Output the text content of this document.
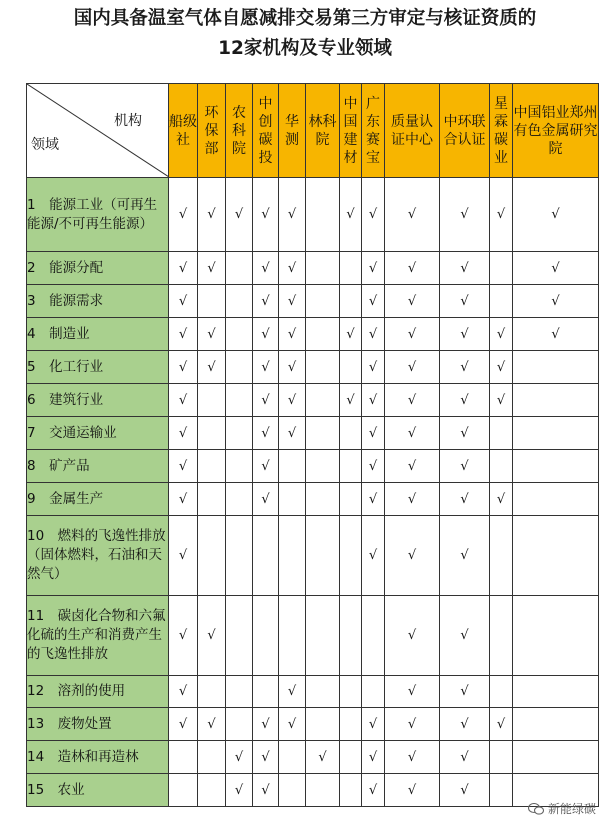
国内具备温室气体自愿减排交易第三方审定与核证资质的
12家机构及专业领域
机构
领域	船级社	环保部	农科院	中创碳投	华测	林科院	中国建材	广东赛宝	质量认证中心	中环联合认证	星霖碳业	中国铝业郑州有色金属研究院
1　能源工业（可再生能源/不可再生能源）	√	√	√	√	√		√	√	√	√	√	√
2　能源分配	√	√		√	√			√	√	√		√
3　能源需求	√			√	√			√	√	√		√
4　制造业	√	√		√	√		√	√	√	√	√	√
5　化工行业	√	√		√	√			√	√	√	√	
6　建筑行业	√			√	√		√	√	√	√	√	
7　交通运输业	√			√	√			√	√	√		
8　矿产品	√			√				√	√	√		
9　金属生产	√			√				√	√	√	√	
10　燃料的飞逸性排放（固体燃料，石油和天然气）	√							√	√	√		
11　碳卤化合物和六氟化硫的生产和消费产生的飞逸性排放	√	√							√	√		
12　溶剂的使用	√				√				√	√		
13　废物处置	√	√		√	√			√	√	√	√	
14　造林和再造林			√	√		√		√	√	√		
15　农业			√	√				√	√	√		
新能绿碳
